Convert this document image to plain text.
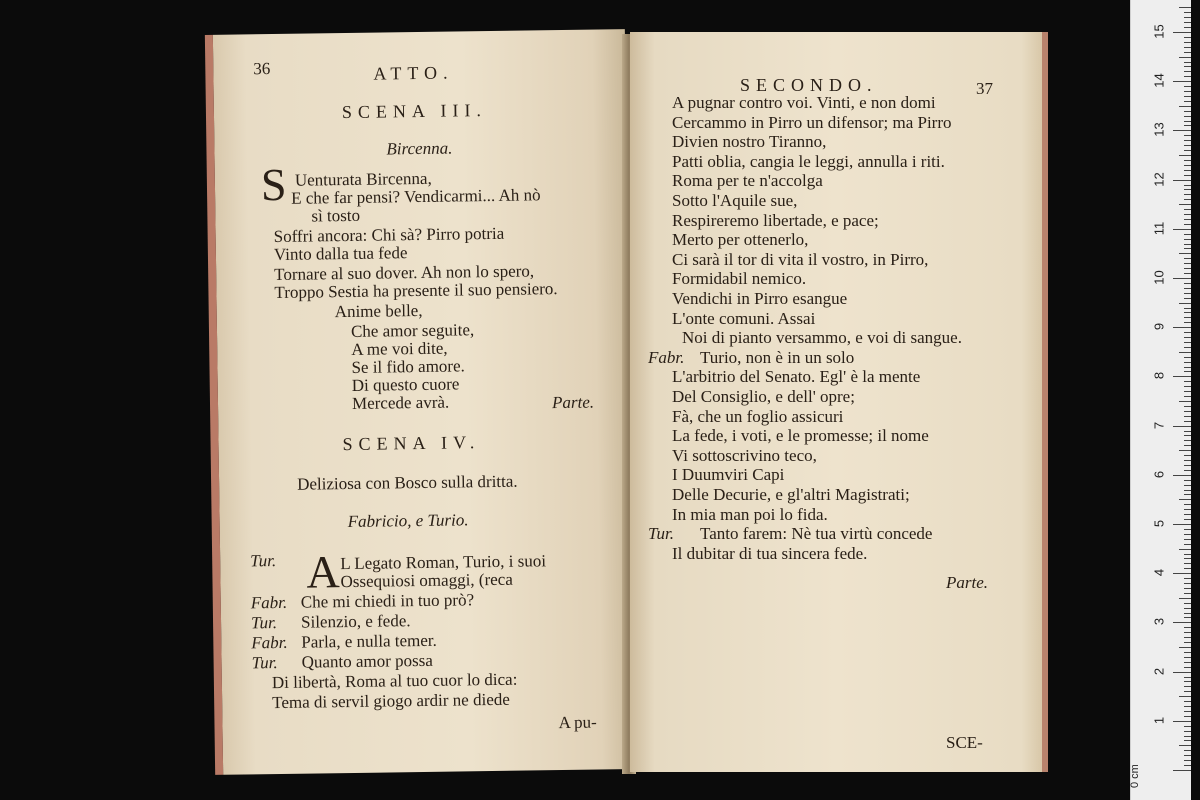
36	ATTO.
SCENA III.
Bircenna.
S Uenturata Bircenna,
E che far pensi? Vendicarmi... Ah nò
sì tosto
Soffri ancora: Chi sà? Pirro potria
Vinto dalla tua fede
Tornare al suo dover. Ah non lo spero,
Troppo Sestia ha presente il suo pensiero.
Anime belle,
Che amor seguite,
A me voi dite,
Se il fido amore.
Di questo cuore
Mercede avrà.	Parte.
SCENA IV.
Deliziosa con Bosco sulla dritta.
Fabricio, e Turio.
A
Tur.	L Legato Roman, Turio, i suoi
Ossequiosi omaggi, (reca
Fabr. Che mi chiedi in tuo prò?
Tur. Silenzio, e fede.
Fabr. Parla, e nulla temer.
Tur. Quanto amor possa
Di libertà, Roma al tuo cuor lo dica:
Tema di servil giogo ardir ne diede
A pu-
SECONDO.	37
A pugnar contro voi. Vinti, e non domi
Cercammo in Pirro un difensor; ma Pirro
Divien nostro Tiranno,
Patti oblia, cangia le leggi, annulla i riti.
Roma per te n'accolga
Sotto l'Aquile sue,
Respireremo libertade, e pace;
Merto per ottenerlo,
Ci sarà il tor di vita il vostro, in Pirro,
Formidabil nemico.
Vendichi in Pirro esangue
L'onte comuni. Assai
Noi di pianto versammo, e voi di sangue.
Fabr. Turio, non è in un solo
L'arbitrio del Senato. Egl' è la mente
Del Consiglio, e dell' opre;
Fà, che un foglio assicuri
La fede, i voti, e le promesse; il nome
Vi sottoscrivino teco,
I Duumviri Capi
Delle Decurie, e gl'altri Magistrati;
In mia man poi lo fida.
Tur. Tanto farem: Nè tua virtù concede
Il dubitar di tua sincera fede.
Parte.
SCE-
0 cm
1
2
3
4
5
6
7
8
9
10
11
12
13
14
15
